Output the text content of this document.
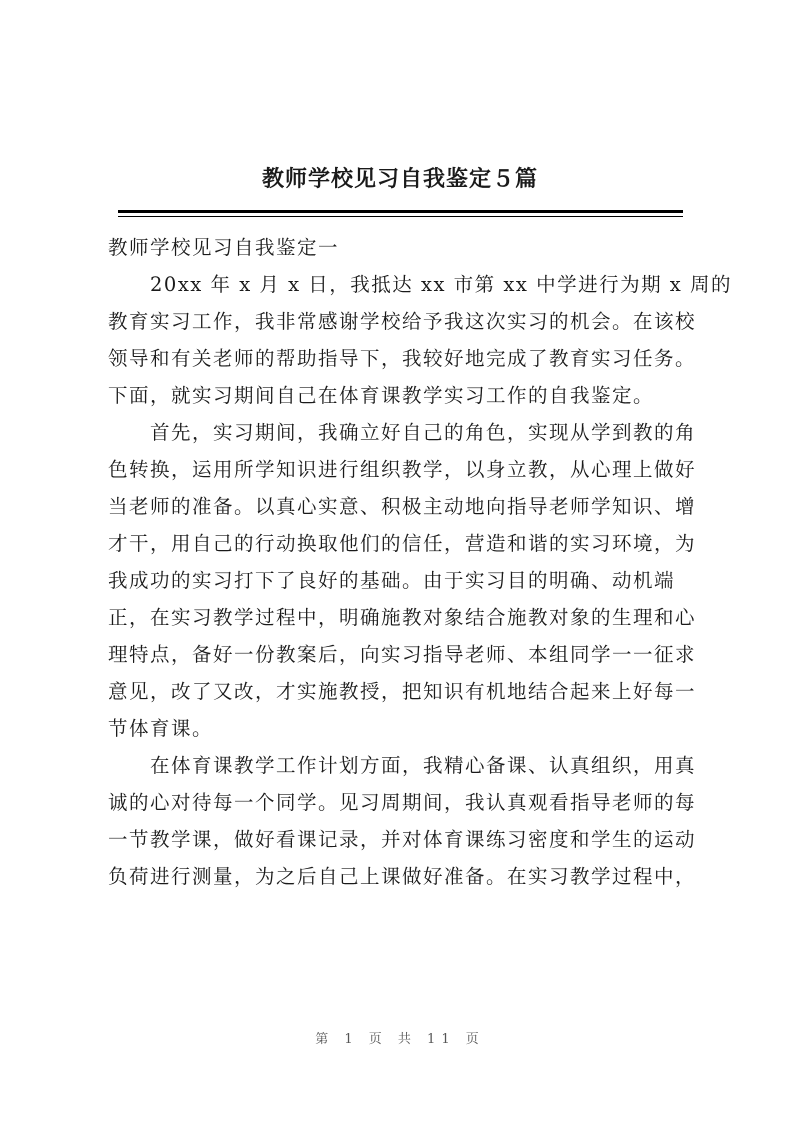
教师学校见习自我鉴定５篇
教师学校见习自我鉴定一
　　20xx 年 x 月 x 日，我抵达 xx 市第 xx 中学进行为期 x 周的
教育实习工作，我非常感谢学校给予我这次实习的机会。在该校
领导和有关老师的帮助指导下，我较好地完成了教育实习任务。
下面，就实习期间自己在体育课教学实习工作的自我鉴定。
　　首先，实习期间，我确立好自己的角色，实现从学到教的角
色转换，运用所学知识进行组织教学，以身立教，从心理上做好
当老师的准备。以真心实意、积极主动地向指导老师学知识、增
才干，用自己的行动换取他们的信任，营造和谐的实习环境，为
我成功的实习打下了良好的基础。由于实习目的明确、动机端
正，在实习教学过程中，明确施教对象结合施教对象的生理和心
理特点，备好一份教案后，向实习指导老师、本组同学一一征求
意见，改了又改，才实施教授，把知识有机地结合起来上好每一
节体育课。
　　在体育课教学工作计划方面，我精心备课、认真组织，用真
诚的心对待每一个同学。见习周期间，我认真观看指导老师的每
一节教学课，做好看课记录，并对体育课练习密度和学生的运动
负荷进行测量，为之后自己上课做好准备。在实习教学过程中，
第 1 页 共 11 页
